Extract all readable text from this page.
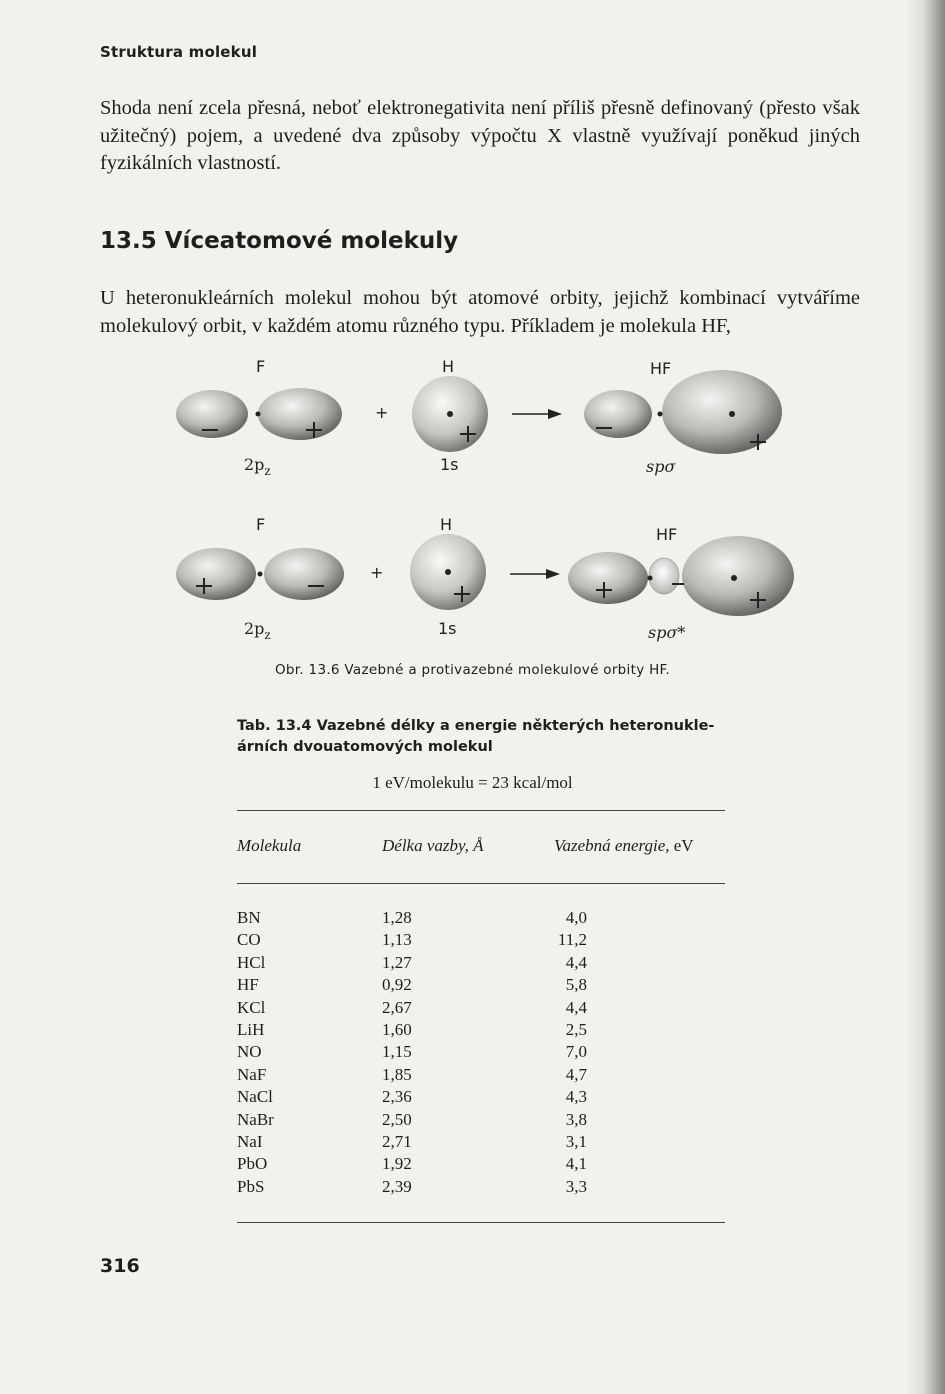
Struktura molekul
Shoda není zcela přesná, neboť elektronegativita není příliš přesně definovaný (přesto však užitečný) pojem, a uvedené dva způsoby výpočtu X vlastně využívají poněkud jiných fyzikálních vlastností.
13.5 Víceatomové molekuly
U heteronukleárních molekul mohou být atomové orbity, jejichž kombinací vytváříme molekulový orbit, v každém atomu různého typu. Příkladem je molekula HF,
F	H	HF
+
$2p_z$	1s	spσ
F	H
HF
+
$2p_z$	1s	spσ*
Obr. 13.6 Vazebné a protivazebné molekulové orbity HF.
Tab. 13.4 Vazebné délky a energie některých heteronukle-
árních dvouatomových molekul
1 eV/molekulu = 23 kcal/mol
Molekula	Délka vazby, Å	Vazebná energie, eV
BN	1,28	4,0
CO	1,13	11,2
HCl	1,27	4,4
HF	0,92	5,8
KCl	2,67	4,4
LiH	1,60	2,5
NO	1,15	7,0
NaF	1,85	4,7
NaCl	2,36	4,3
NaBr	2,50	3,8
NaI	2,71	3,1
PbO	1,92	4,1
PbS	2,39	3,3
316
